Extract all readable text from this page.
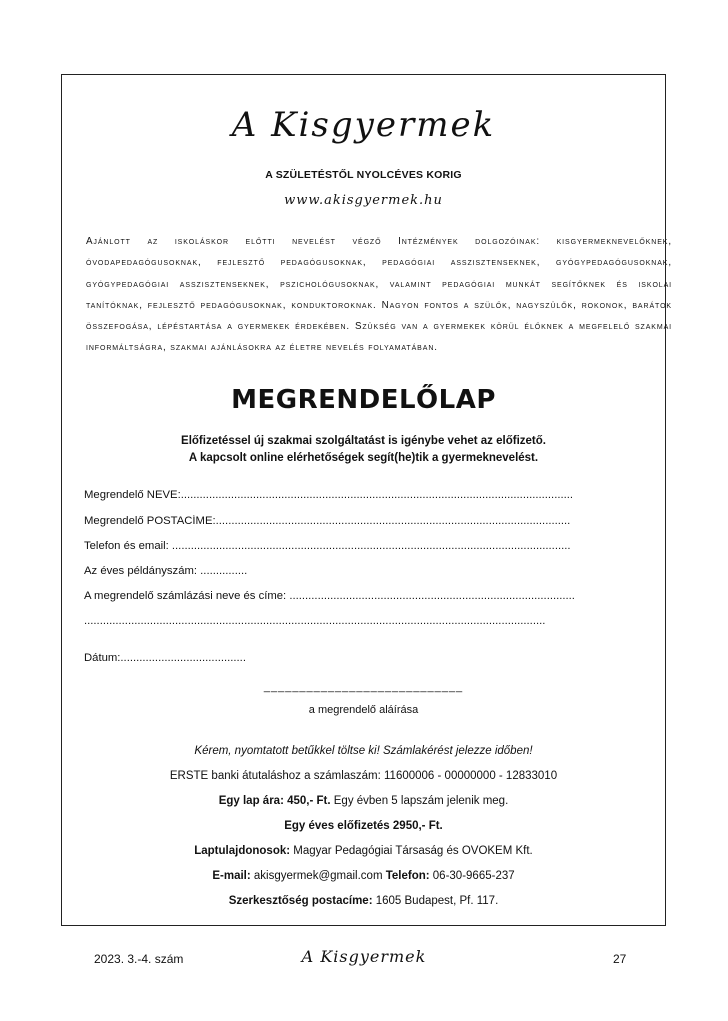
A Kisgyermek
A SZÜLETÉSTŐL NYOLCÉVES KORIG
www.akisgyermek.hu
Ajánlott az iskoláskor előtti nevelést végző Intézmények dolgozóinak: kisgyermeknevelőknek, óvodapedagógusoknak, fejlesztő pedagógusoknak, pedagógiai asszisztenseknek, gyógypedagógusoknak, gyógypedagógiai asszisztenseknek, pszichológusoknak, valamint pedagógiai munkát segítőknek és iskolai tanítóknak, fejlesztő pedagógusoknak, konduktoroknak. Nagyon fontos a szülők, nagyszülők, rokonok, barátok összefogása, lépéstartása a gyermekek érdekében. Szükség van a gyermekek körül élőknek a megfelelő szakmai informáltságra, szakmai ajánlásokra az életre nevelés folyamatában.
MEGRENDELŐLAP
Előfizetéssel új szakmai szolgáltatást is igénybe vehet az előfizető.
A kapcsolt online elérhetőségek segít(he)tik a gyermeknevelést.
Megrendelő NEVE:.............................................................................................................................
Megrendelő POSTACÍME:.................................................................................................................
Telefon és email: ...............................................................................................................................
Az éves példányszám: ...............
A megrendelő számlázási neve és címe: ...........................................................................................
...................................................................................................................................................
Dátum:........................................
____________________________
a megrendelő aláírása
Kérem, nyomtatott betűkkel töltse ki! Számlakérést jelezze időben!
ERSTE banki átutaláshoz a számlaszám: 11600006 - 00000000 - 12833010
Egy lap ára: 450,- Ft. Egy évben 5 lapszám jelenik meg.
Egy éves előfizetés 2950,- Ft.
Laptulajdonosok: Magyar Pedagógiai Társaság és OVOKEM Kft.
E-mail: akisgyermek@gmail.com Telefon: 06-30-9665-237
Szerkesztőség postacíme: 1605 Budapest, Pf. 117.
2023. 3.-4. szám	A Kisgyermek	27
